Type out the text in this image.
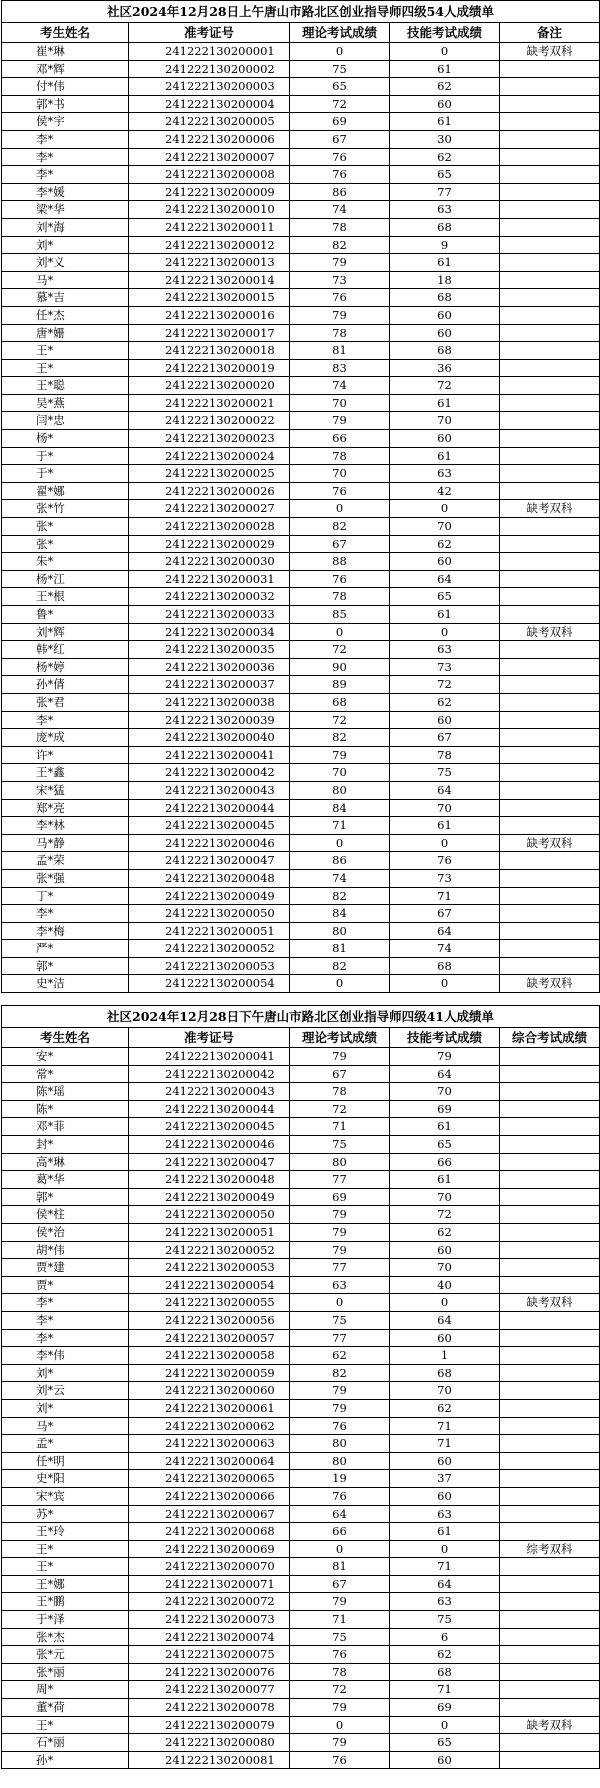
社区2024年12月28日上午唐山市路北区创业指导师四级54人成绩单				
考生姓名	准考证号	理论考试成绩	技能考试成绩	备注
崔*琳	241222130200001	0	0	缺考双科
邓*辉	241222130200002	75	61	
付*伟	241222130200003	65	62	
郭*书	241222130200004	72	60	
侯*宇	241222130200005	69	61	
李*	241222130200006	67	30	
李*	241222130200007	76	62	
李*	241222130200008	76	65	
李*媛	241222130200009	86	77	
梁*华	241222130200010	74	63	
刘*海	241222130200011	78	68	
刘*	241222130200012	82	9	
刘*义	241222130200013	79	61	
马*	241222130200014	73	18	
慕*吉	241222130200015	76	68	
任*杰	241222130200016	79	60	
唐*姗	241222130200017	78	60	
王*	241222130200018	81	68	
王*	241222130200019	83	36	
王*聪	241222130200020	74	72	
吴*燕	241222130200021	70	61	
闫*忠	241222130200022	79	70	
杨*	241222130200023	66	60	
于*	241222130200024	78	61	
于*	241222130200025	70	63	
翟*娜	241222130200026	76	42	
张*竹	241222130200027	0	0	缺考双科
张*	241222130200028	82	70	
张*	241222130200029	67	62	
朱*	241222130200030	88	60	
杨*江	241222130200031	76	64	
王*根	241222130200032	78	65	
鲁*	241222130200033	85	61	
刘*辉	241222130200034	0	0	缺考双科
韩*红	241222130200035	72	63	
杨*婷	241222130200036	90	73	
孙*倩	241222130200037	89	72	
张*君	241222130200038	68	62	
李*	241222130200039	72	60	
庞*成	241222130200040	82	67	
许*	241222130200041	79	78	
王*鑫	241222130200042	70	75	
宋*猛	241222130200043	80	64	
郑*亮	241222130200044	84	70	
李*林	241222130200045	71	61	
马*静	241222130200046	0	0	缺考双科
孟*荣	241222130200047	86	76	
张*强	241222130200048	74	73	
丁*	241222130200049	82	71	
李*	241222130200050	84	67	
李*梅	241222130200051	80	64	
严*	241222130200052	81	74	
郭*	241222130200053	82	68	
史*洁	241222130200054	0	0	缺考双科
社区2024年12月28日下午唐山市路北区创业指导师四级41人成绩单				
考生姓名	准考证号	理论考试成绩	技能考试成绩	综合考试成绩
安*	241222130200041	79	79	
常*	241222130200042	67	64	
陈*瑶	241222130200043	78	70	
陈*	241222130200044	72	69	
邓*菲	241222130200045	71	61	
封*	241222130200046	75	65	
高*琳	241222130200047	80	66	
葛*华	241222130200048	77	61	
郭*	241222130200049	69	70	
侯*柱	241222130200050	79	72	
侯*治	241222130200051	79	62	
胡*伟	241222130200052	79	60	
贾*建	241222130200053	77	70	
贾*	241222130200054	63	40	
李*	241222130200055	0	0	缺考双科
李*	241222130200056	75	64	
李*	241222130200057	77	60	
李*伟	241222130200058	62	1	
刘*	241222130200059	82	68	
刘*云	241222130200060	79	70	
刘*	241222130200061	79	62	
马*	241222130200062	76	71	
孟*	241222130200063	80	71	
任*明	241222130200064	80	60	
史*阳	241222130200065	19	37	
宋*宾	241222130200066	76	60	
苏*	241222130200067	64	63	
王*玲	241222130200068	66	61	
王*	241222130200069	0	0	综考双科
王*	241222130200070	81	71	
王*娜	241222130200071	67	64	
王*鹏	241222130200072	79	63	
于*泽	241222130200073	71	75	
张*杰	241222130200074	75	6	
张*元	241222130200075	76	62	
张*丽	241222130200076	78	68	
周*	241222130200077	72	71	
董*荷	241222130200078	79	69	
王*	241222130200079	0	0	缺考双科
石*丽	241222130200080	79	65	
孙*	241222130200081	76	60	
